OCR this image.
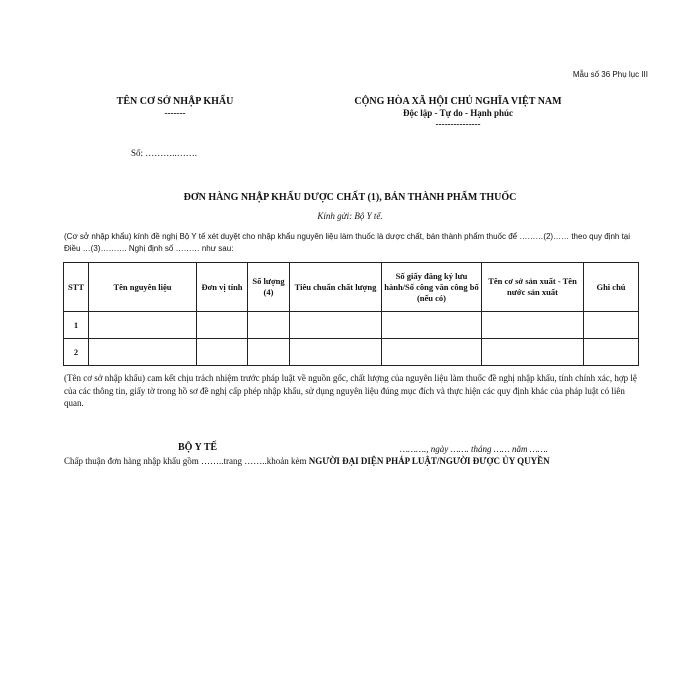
Mẫu số 36 Phụ lục III
TÊN CƠ SỞ NHẬP KHẨU
-------
CỘNG HÒA XÃ HỘI CHỦ NGHĨA VIỆT NAM
Độc lập - Tự do - Hạnh phúc
---------------
Số: ………..…….
ĐƠN HÀNG NHẬP KHẨU DƯỢC CHẤT (1), BÁN THÀNH PHẨM THUỐC
Kính gửi: Bộ Y tế.
(Cơ sở nhập khẩu) kính đề nghị Bộ Y tế xét duyệt cho nhập khẩu nguyên liệu làm thuốc là dược chất, bán thành phẩm thuốc để ………(2)…… theo quy định tại Điều …(3)………. Nghị định số ……… như sau:
STT	Tên nguyên liệu	Đơn vị tính	Số lượng (4)	Tiêu chuẩn chất lượng	Số giấy đăng ký lưu hành/Số công văn công bố (nếu có)	Tên cơ sở sản xuất - Tên nước sản xuất	Ghi chú
1							
2							
(Tên cơ sở nhập khẩu) cam kết chịu trách nhiệm trước pháp luật về nguồn gốc, chất lượng của nguyên liệu làm thuốc đề nghị nhập khẩu, tính chính xác, hợp lệ của các thông tin, giấy tờ trong hồ sơ đề nghị cấp phép nhập khẩu, sử dụng nguyên liệu đúng mục đích và thực hiện các quy định khác của pháp luật có liên quan.
BỘ Y TẾ	………., ngày ……. tháng …… năm …….
Chấp thuận đơn hàng nhập khẩu gồm ……..trang ……..khoản kèm NGƯỜI ĐẠI DIỆN PHÁP LUẬT/NGƯỜI ĐƯỢC ỦY QUYỀN
